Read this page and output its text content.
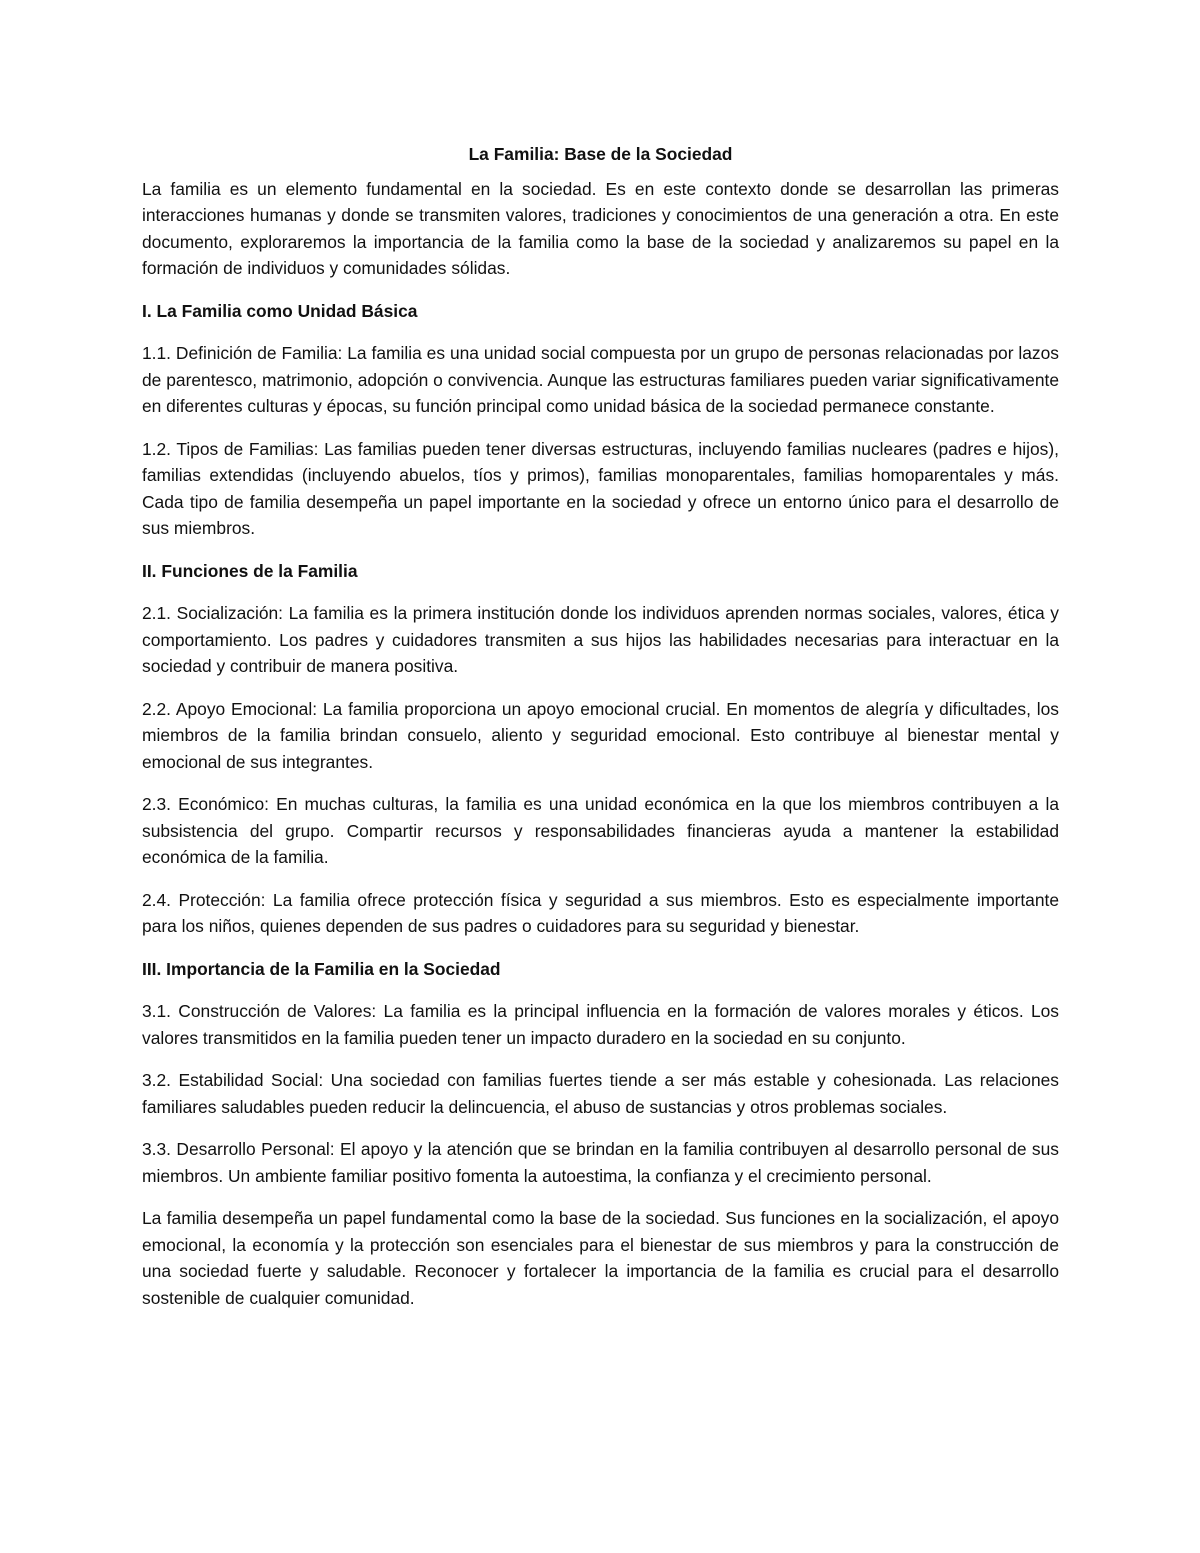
La Familia: Base de la Sociedad

La familia es un elemento fundamental en la sociedad. Es en este contexto donde se desarrollan las primeras interacciones humanas y donde se transmiten valores, tradiciones y conocimientos de una generación a otra. En este documento, exploraremos la importancia de la familia como la base de la sociedad y analizaremos su papel en la formación de individuos y comunidades sólidas.

I. La Familia como Unidad Básica

1.1. Definición de Familia: La familia es una unidad social compuesta por un grupo de personas relacionadas por lazos de parentesco, matrimonio, adopción o convivencia. Aunque las estructuras familiares pueden variar significativamente en diferentes culturas y épocas, su función principal como unidad básica de la sociedad permanece constante.

1.2. Tipos de Familias: Las familias pueden tener diversas estructuras, incluyendo familias nucleares (padres e hijos), familias extendidas (incluyendo abuelos, tíos y primos), familias monoparentales, familias homoparentales y más. Cada tipo de familia desempeña un papel importante en la sociedad y ofrece un entorno único para el desarrollo de sus miembros.

II. Funciones de la Familia

2.1. Socialización: La familia es la primera institución donde los individuos aprenden normas sociales, valores, ética y comportamiento. Los padres y cuidadores transmiten a sus hijos las habilidades necesarias para interactuar en la sociedad y contribuir de manera positiva.

2.2. Apoyo Emocional: La familia proporciona un apoyo emocional crucial. En momentos de alegría y dificultades, los miembros de la familia brindan consuelo, aliento y seguridad emocional. Esto contribuye al bienestar mental y emocional de sus integrantes.

2.3. Económico: En muchas culturas, la familia es una unidad económica en la que los miembros contribuyen a la subsistencia del grupo. Compartir recursos y responsabilidades financieras ayuda a mantener la estabilidad económica de la familia.

2.4. Protección: La familia ofrece protección física y seguridad a sus miembros. Esto es especialmente importante para los niños, quienes dependen de sus padres o cuidadores para su seguridad y bienestar.

III. Importancia de la Familia en la Sociedad

3.1. Construcción de Valores: La familia es la principal influencia en la formación de valores morales y éticos. Los valores transmitidos en la familia pueden tener un impacto duradero en la sociedad en su conjunto.

3.2. Estabilidad Social: Una sociedad con familias fuertes tiende a ser más estable y cohesionada. Las relaciones familiares saludables pueden reducir la delincuencia, el abuso de sustancias y otros problemas sociales.

3.3. Desarrollo Personal: El apoyo y la atención que se brindan en la familia contribuyen al desarrollo personal de sus miembros. Un ambiente familiar positivo fomenta la autoestima, la confianza y el crecimiento personal.

La familia desempeña un papel fundamental como la base de la sociedad. Sus funciones en la socialización, el apoyo emocional, la economía y la protección son esenciales para el bienestar de sus miembros y para la construcción de una sociedad fuerte y saludable. Reconocer y fortalecer la importancia de la familia es crucial para el desarrollo sostenible de cualquier comunidad.
